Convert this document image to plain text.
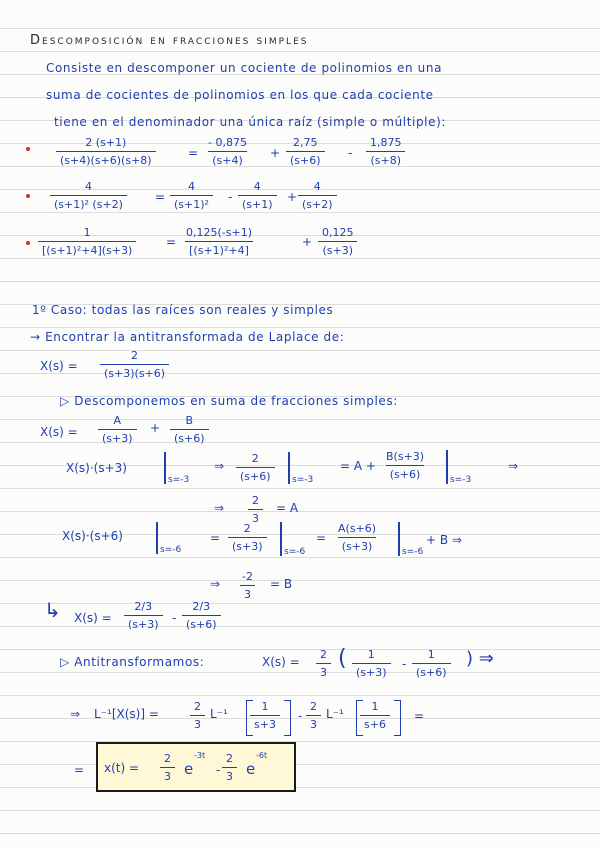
Descomposición en fracciones simples
Consiste en descomponer un cociente de polinomios en una
suma de cocientes de polinomios en los que cada cociente
tiene en el denominador una única raíz (simple o múltiple):
$\frac{2 (s+1)}{(s+4)(s+6)(s+8)}$	= $\frac{- 0,875}{(s+4)} + \frac{2,75}{(s+6)} - \frac{1,875}{(s+8)}$
$\frac{4}{\text{(s+1)² (s+2)}} = \frac{4}{\text{(s+1)²}} - \frac{4}{(s+1)} + \frac{4}{(s+2)}$
$\frac{1}{\text{[(s+1)²+4](s+3)}} = \frac{0,125(-s+1)}{\text{[(s+1)²+4]}}$	+ $\frac{0,125}{(s+3)}$
1º Caso: todas las raíces son reales y simples
→ Encontrar la antitransformada de Laplace de:
$X(s) = \frac{2}{(s+3)(s+6)}$
▷ Descomponemos en suma de fracciones simples:
$X(s) = \frac{A}{(s+3)} + \frac{B}{(s+6)}$
X(s)·(s+3)
s=-3
⇒ $\frac{2}{(s+6)} s=-3$
= $A + \frac{B(s+3)}{(s+6)} s=-3$
⇒
⇒ $\frac{2}{3} = A$
X(s)·(s+6)
s=-6
= $\frac{2}{(s+3)} s=-6$
= $\frac{A(s+6)}{(s+3)} s=-6$
+ B ⇒
⇒ $\frac{-2}{3} = B$
↳ $X(s) = \frac{2/3}{(s+3)} - \frac{2/3}{(s+6)}$
▷ Antitransformamos:	$X(s) = \frac{2}{3}$ ( $\frac{1}{(s+3)} - \frac{1}{(s+6)}$ ) ⇒
⇒ L⁻¹[X(s)] =	$\frac{2}{3} L^{-1} \frac{1}{s+3} - \frac{2}{3} L^{-1} \frac{1}{s+6}$ =
= $x(t) = \frac{2}{3}$ e
-3t
- $\frac{2}{3}$ e
-6t
